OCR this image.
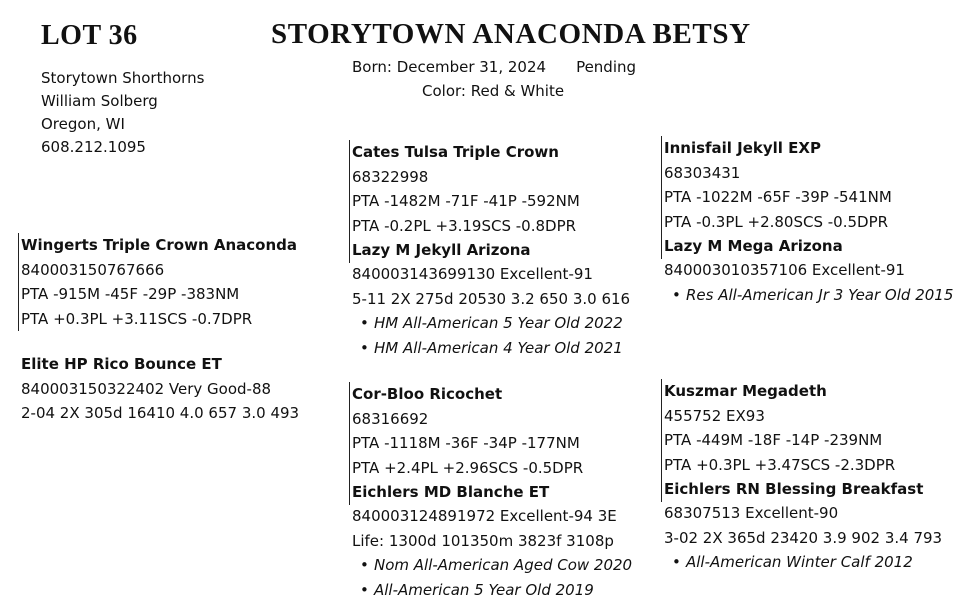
LOT 36	STORYTOWN ANACONDA BETSY
Born: December 31, 2024 Pending
Color: Red & White
Storytown Shorthorns
William Solberg
Oregon, WI
608.212.1095
Wingerts Triple Crown Anaconda
840003150767666
PTA -915M -45F -29P -383NM
PTA +0.3PL +3.11SCS -0.7DPR
Elite HP Rico Bounce ET
840003150322402 Very Good-88
2-04 2X 305d 16410 4.0 657 3.0 493
Cates Tulsa Triple Crown
68322998
PTA -1482M -71F -41P -592NM
PTA -0.2PL +3.19SCS -0.8DPR
Lazy M Jekyll Arizona
840003143699130 Excellent-91
5-11 2X 275d 20530 3.2 650 3.0 616
• HM All-American 5 Year Old 2022
• HM All-American 4 Year Old 2021
Cor-Bloo Ricochet
68316692
PTA -1118M -36F -34P -177NM
PTA +2.4PL +2.96SCS -0.5DPR
Eichlers MD Blanche ET
840003124891972 Excellent-94 3E
Life: 1300d 101350m 3823f 3108p
• Nom All-American Aged Cow 2020
• All-American 5 Year Old 2019
Innisfail Jekyll EXP
68303431
PTA -1022M -65F -39P -541NM
PTA -0.3PL +2.80SCS -0.5DPR
Lazy M Mega Arizona
840003010357106 Excellent-91
• Res All-American Jr 3 Year Old 2015
Kuszmar Megadeth
455752 EX93
PTA -449M -18F -14P -239NM
PTA +0.3PL +3.47SCS -2.3DPR
Eichlers RN Blessing Breakfast
68307513 Excellent-90
3-02 2X 365d 23420 3.9 902 3.4 793
• All-American Winter Calf 2012
